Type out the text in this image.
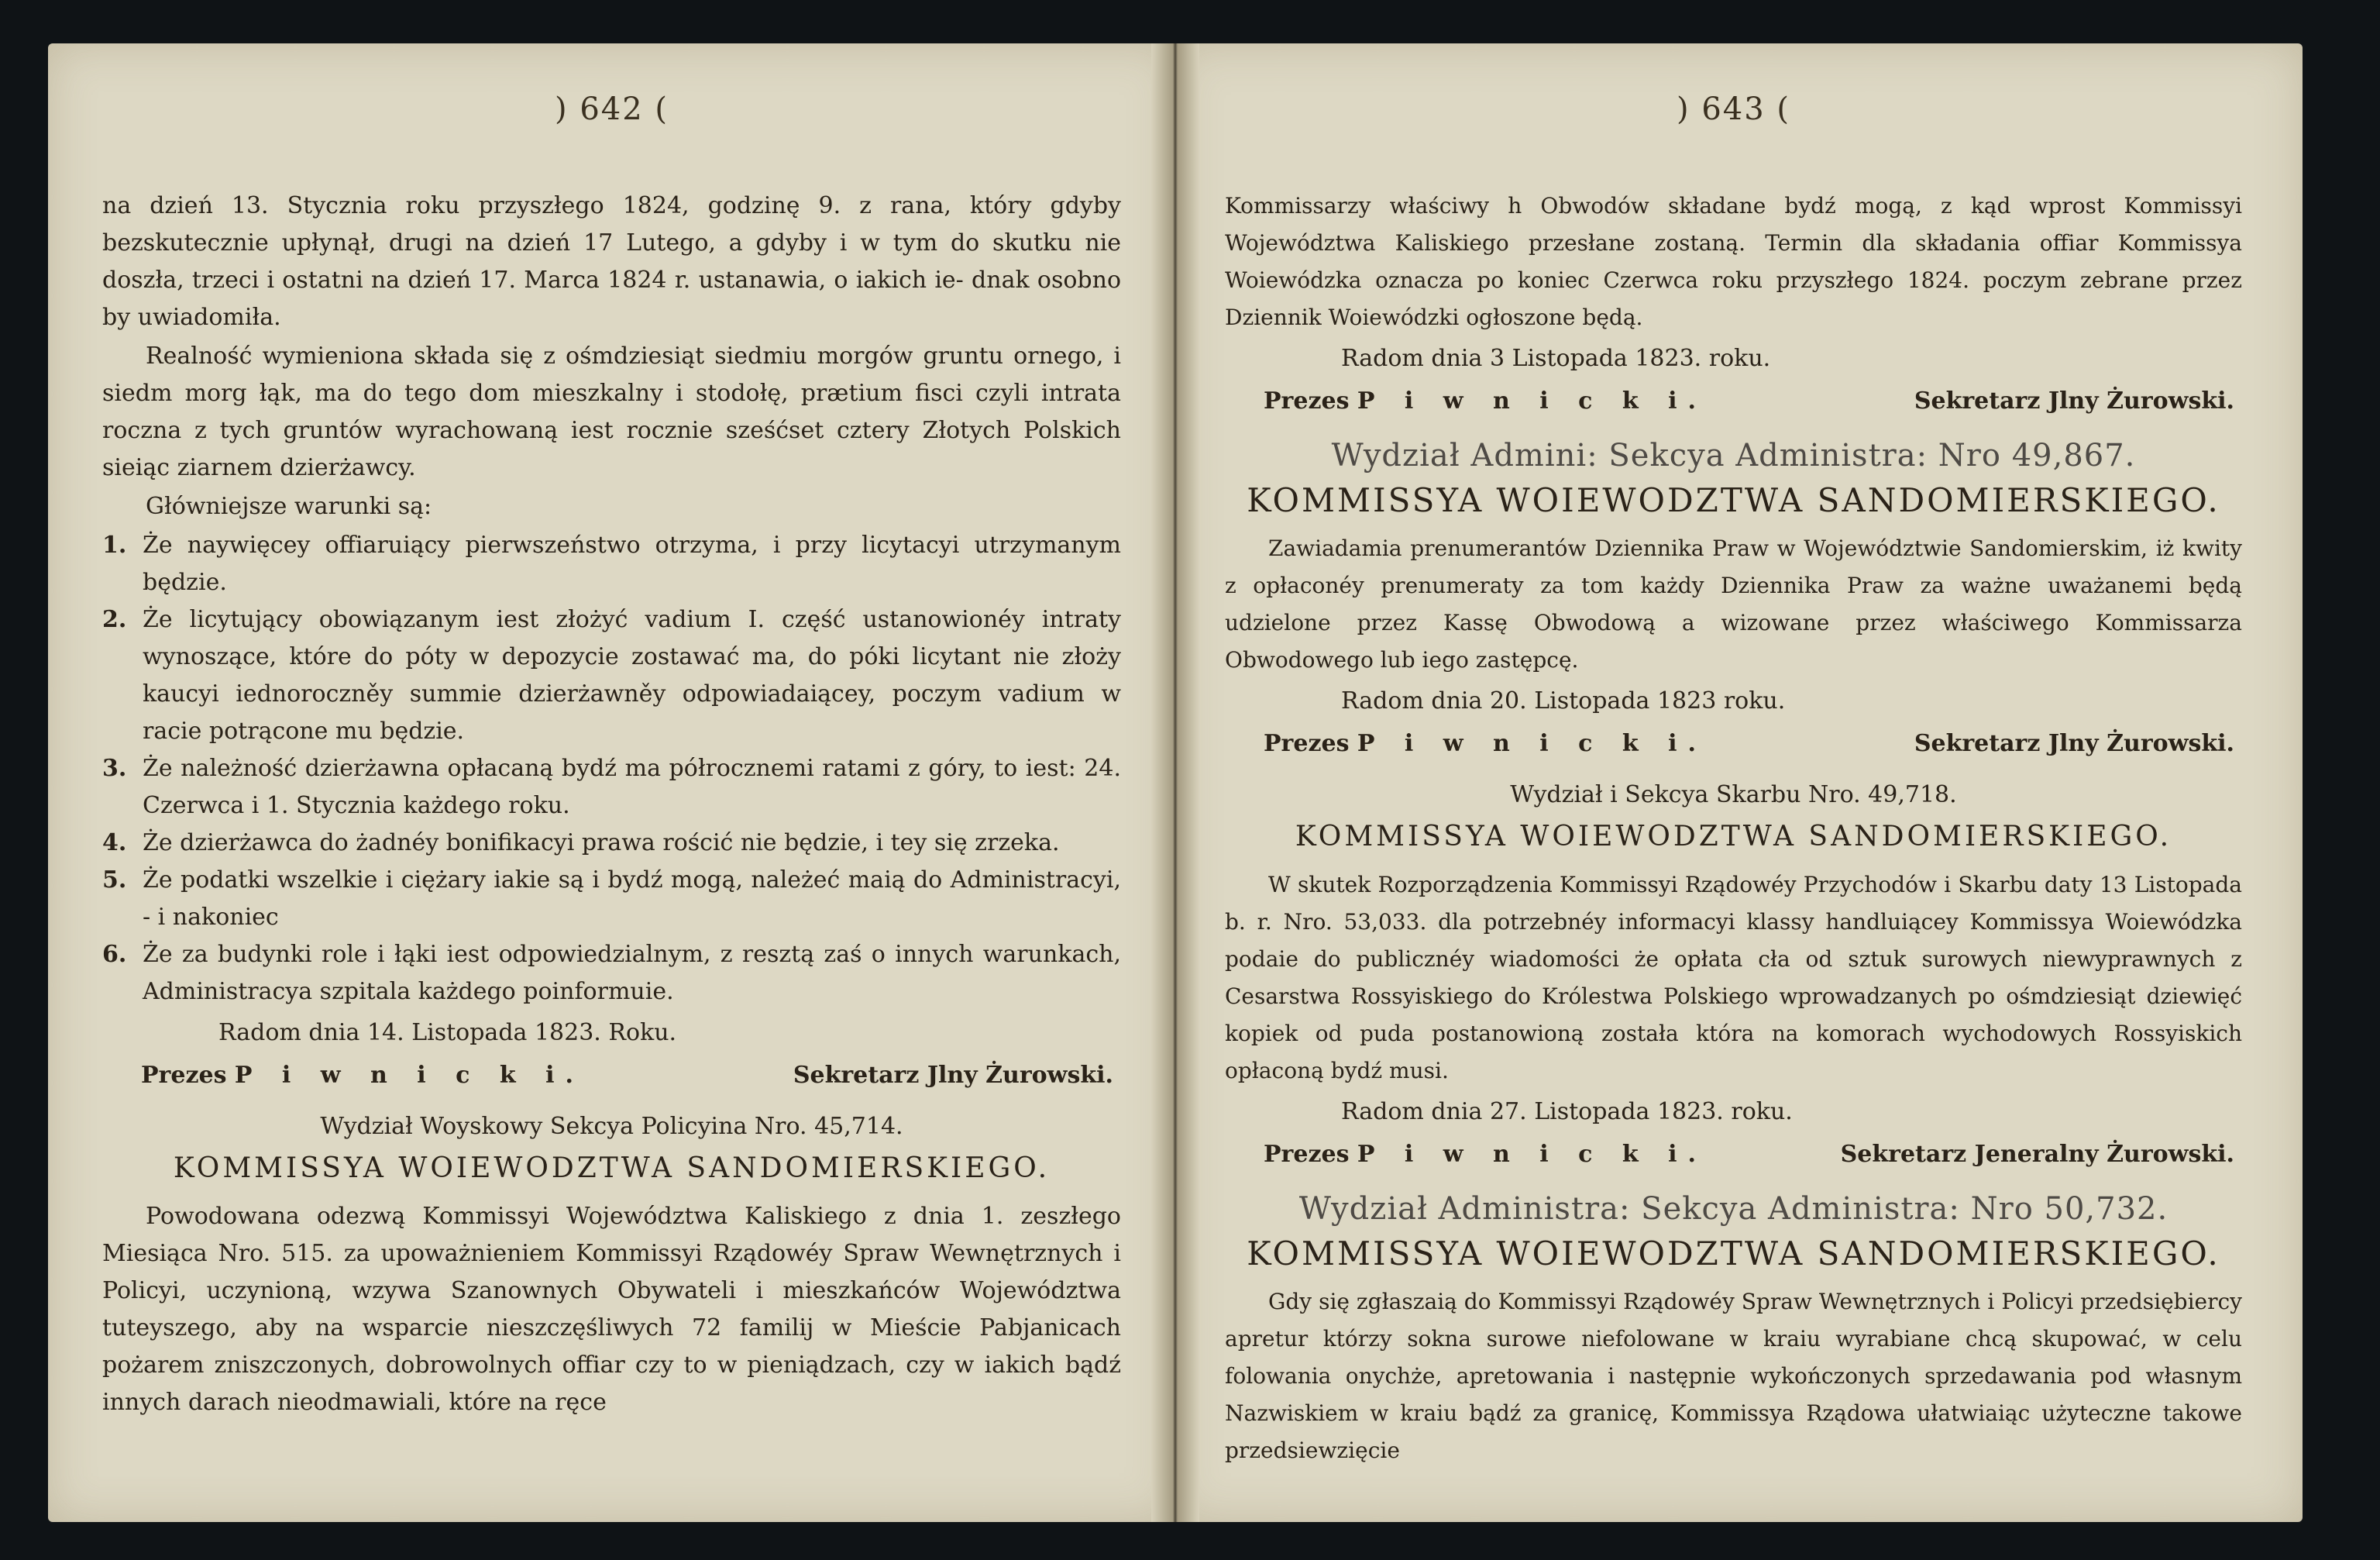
) 642 (

na dzień 13. Stycznia roku przyszłego 1824, godzinę 9. z rana, który gdyby bezskutecznie upłynął, drugi na dzień 17 Lutego, a gdyby i w tym do skutku nie doszła, trzeci i ostatni na dzień 17. Marca 1824 r. ustanawia, o iakich ie- dnak osobno by uwiadomiła.

Realność wymieniona składa się z ośmdziesiąt siedmiu morgów gruntu ornego, i siedm morg łąk, ma do tego dom mieszkalny i stodołę, prætium fisci czyli intrata roczna z tych gruntów wyrachowaną iest rocznie sześćset cztery Złotych Polskich sieiąc ziarnem dzierżawcy.

Główniejsze warunki są:

1. Że naywięcey offiaruiący pierwszeństwo otrzyma, i przy licytacyi utrzymanym będzie.
2. Że licytujący obowiązanym iest złożyć vadium I. część ustanowionéy intraty wynoszące, które do póty w depozycie zostawać ma, do póki licytant nie złoży kaucyi iednoroczněy summie dzierżawněy odpowiadaiącey, poczym vadium w racie potrącone mu będzie.
3. Że należność dzierżawna opłacaną bydź ma półrocznemi ratami z góry, to iest: 24. Czerwca i 1. Stycznia każdego roku.
4. Że dzierżawca do żadnéy bonifikacyi prawa rościć nie będzie, i tey się zrzeka.
5. Że podatki wszelkie i ciężary iakie są i bydź mogą, należeć maią do Administracyi, - i nakoniec
6. Że za budynki role i łąki iest odpowiedzialnym, z resztą zaś o innych warunkach, Administracya szpitala każdego poinformuie.

Radom dnia 14. Listopada 1823. Roku.

Prezes P i w n i c k i.	Sekretarz Jlny Żurowski.

Wydział Woyskowy Sekcya Policyina Nro. 45,714.

KOMMISSYA WOIEWODZTWA SANDOMIERSKIEGO.

Powodowana odezwą Kommissyi Województwa Kaliskiego z dnia 1. zeszłego Miesiąca Nro. 515. za upoważnieniem Kommissyi Rządowéy Spraw Wewnętrznych i Policyi, uczynioną, wzywa Szanownych Obywateli i mieszkańców Województwa tuteyszego, aby na wsparcie nieszczęśliwych 72 familij w Mieście Pabjanicach pożarem zniszczonych, dobrowolnych offiar czy to w pieniądzach, czy w iakich bądź innych darach nieodmawiali, które na ręce

) 643 (

Kommissarzy właściwy h Obwodów składane bydź mogą, z kąd wprost Kommissyi Województwa Kaliskiego przesłane zostaną. Termin dla składania offiar Kommissya Woiewódzka oznacza po koniec Czerwca roku przyszłego 1824. poczym zebrane przez Dziennik Woiewódzki ogłoszone będą.

Radom dnia 3 Listopada 1823. roku.

Prezes P i w n i c k i.	Sekretarz Jlny Żurowski.

Wydział Admini: Sekcya Administra: Nro 49,867.

KOMMISSYA WOIEWODZTWA SANDOMIERSKIEGO.

Zawiadamia prenumerantów Dziennika Praw w Województwie Sandomierskim, iż kwity z opłaconéy prenumeraty za tom każdy Dziennika Praw za ważne uważanemi będą udzielone przez Kassę Obwodową a wizowane przez właściwego Kommissarza Obwodowego lub iego zastępcę.

Radom dnia 20. Listopada 1823 roku.

Prezes P i w n i c k i.	Sekretarz Jlny Żurowski.

Wydział i Sekcya Skarbu Nro. 49,718.

KOMMISSYA WOIEWODZTWA SANDOMIERSKIEGO.

W skutek Rozporządzenia Kommissyi Rządowéy Przychodów i Skarbu daty 13 Listopada b. r. Nro. 53,033. dla potrzebnéy informacyi klassy handluiącey Kommissya Woiewódzka podaie do publicznéy wiadomości że opłata cła od sztuk surowych niewyprawnych z Cesarstwa Rossyiskiego do Królestwa Polskiego wprowadzanych po ośmdziesiąt dziewięć kopiek od puda postanowioną została która na komorach wychodowych Rossyiskich opłaconą bydź musi.

Radom dnia 27. Listopada 1823. roku.

Prezes P i w n i c k i.	Sekretarz Jeneralny Żurowski.

Wydział Administra: Sekcya Administra: Nro 50,732.

KOMMISSYA WOIEWODZTWA SANDOMIERSKIEGO.

Gdy się zgłaszaią do Kommissyi Rządowéy Spraw Wewnętrznych i Policyi przedsiębiercy apretur którzy sokna surowe niefolowane w kraiu wyrabiane chcą skupować, w celu folowania onychże, apretowania i następnie wykończonych sprzedawania pod własnym Nazwiskiem w kraiu bądź za granicę, Kommissya Rządowa ułatwiaiąc użyteczne takowe przedsiewzięcie
